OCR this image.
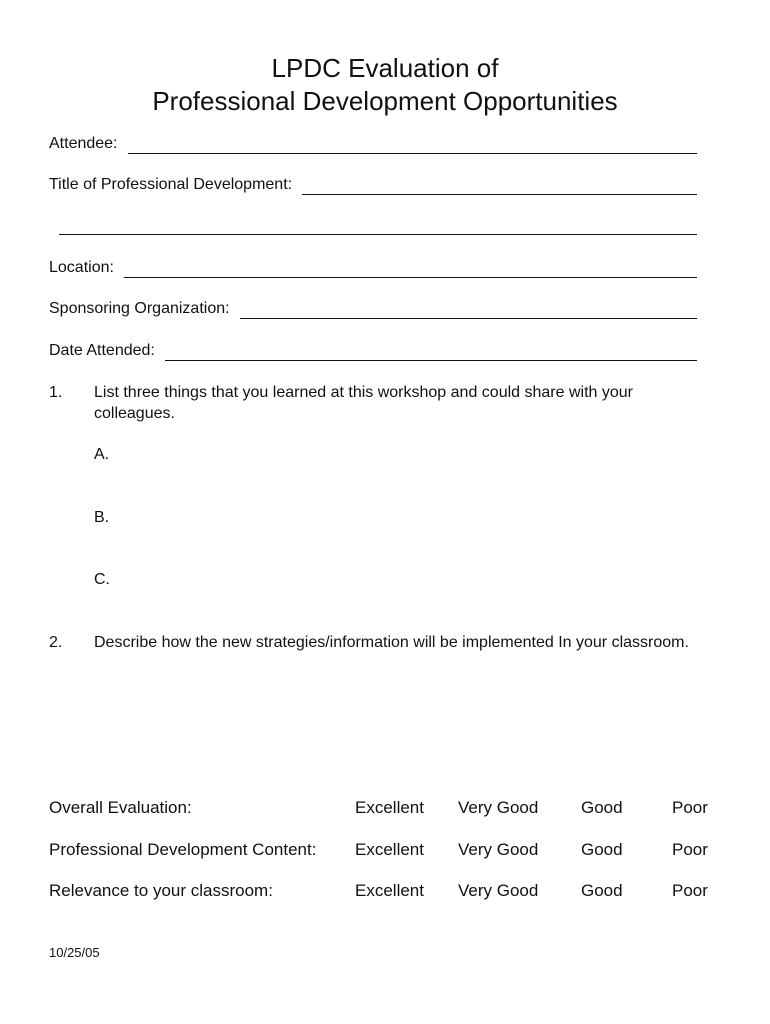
LPDC Evaluation of
Professional Development Opportunities
Attendee:
Title of Professional Development:
Location:
Sponsoring Organization:
Date Attended:
1. List three things that you learned at this workshop and could share with your colleagues.
A.
B.
C.
2. Describe how the new strategies/information will be implemented In your classroom.
Overall Evaluation:	Excellent Very Good	Good	Poor
Professional Development Content: Excellent Very Good	Good	Poor
Relevance to your classroom:	Excellent Very Good	Good	Poor
10/25/05
